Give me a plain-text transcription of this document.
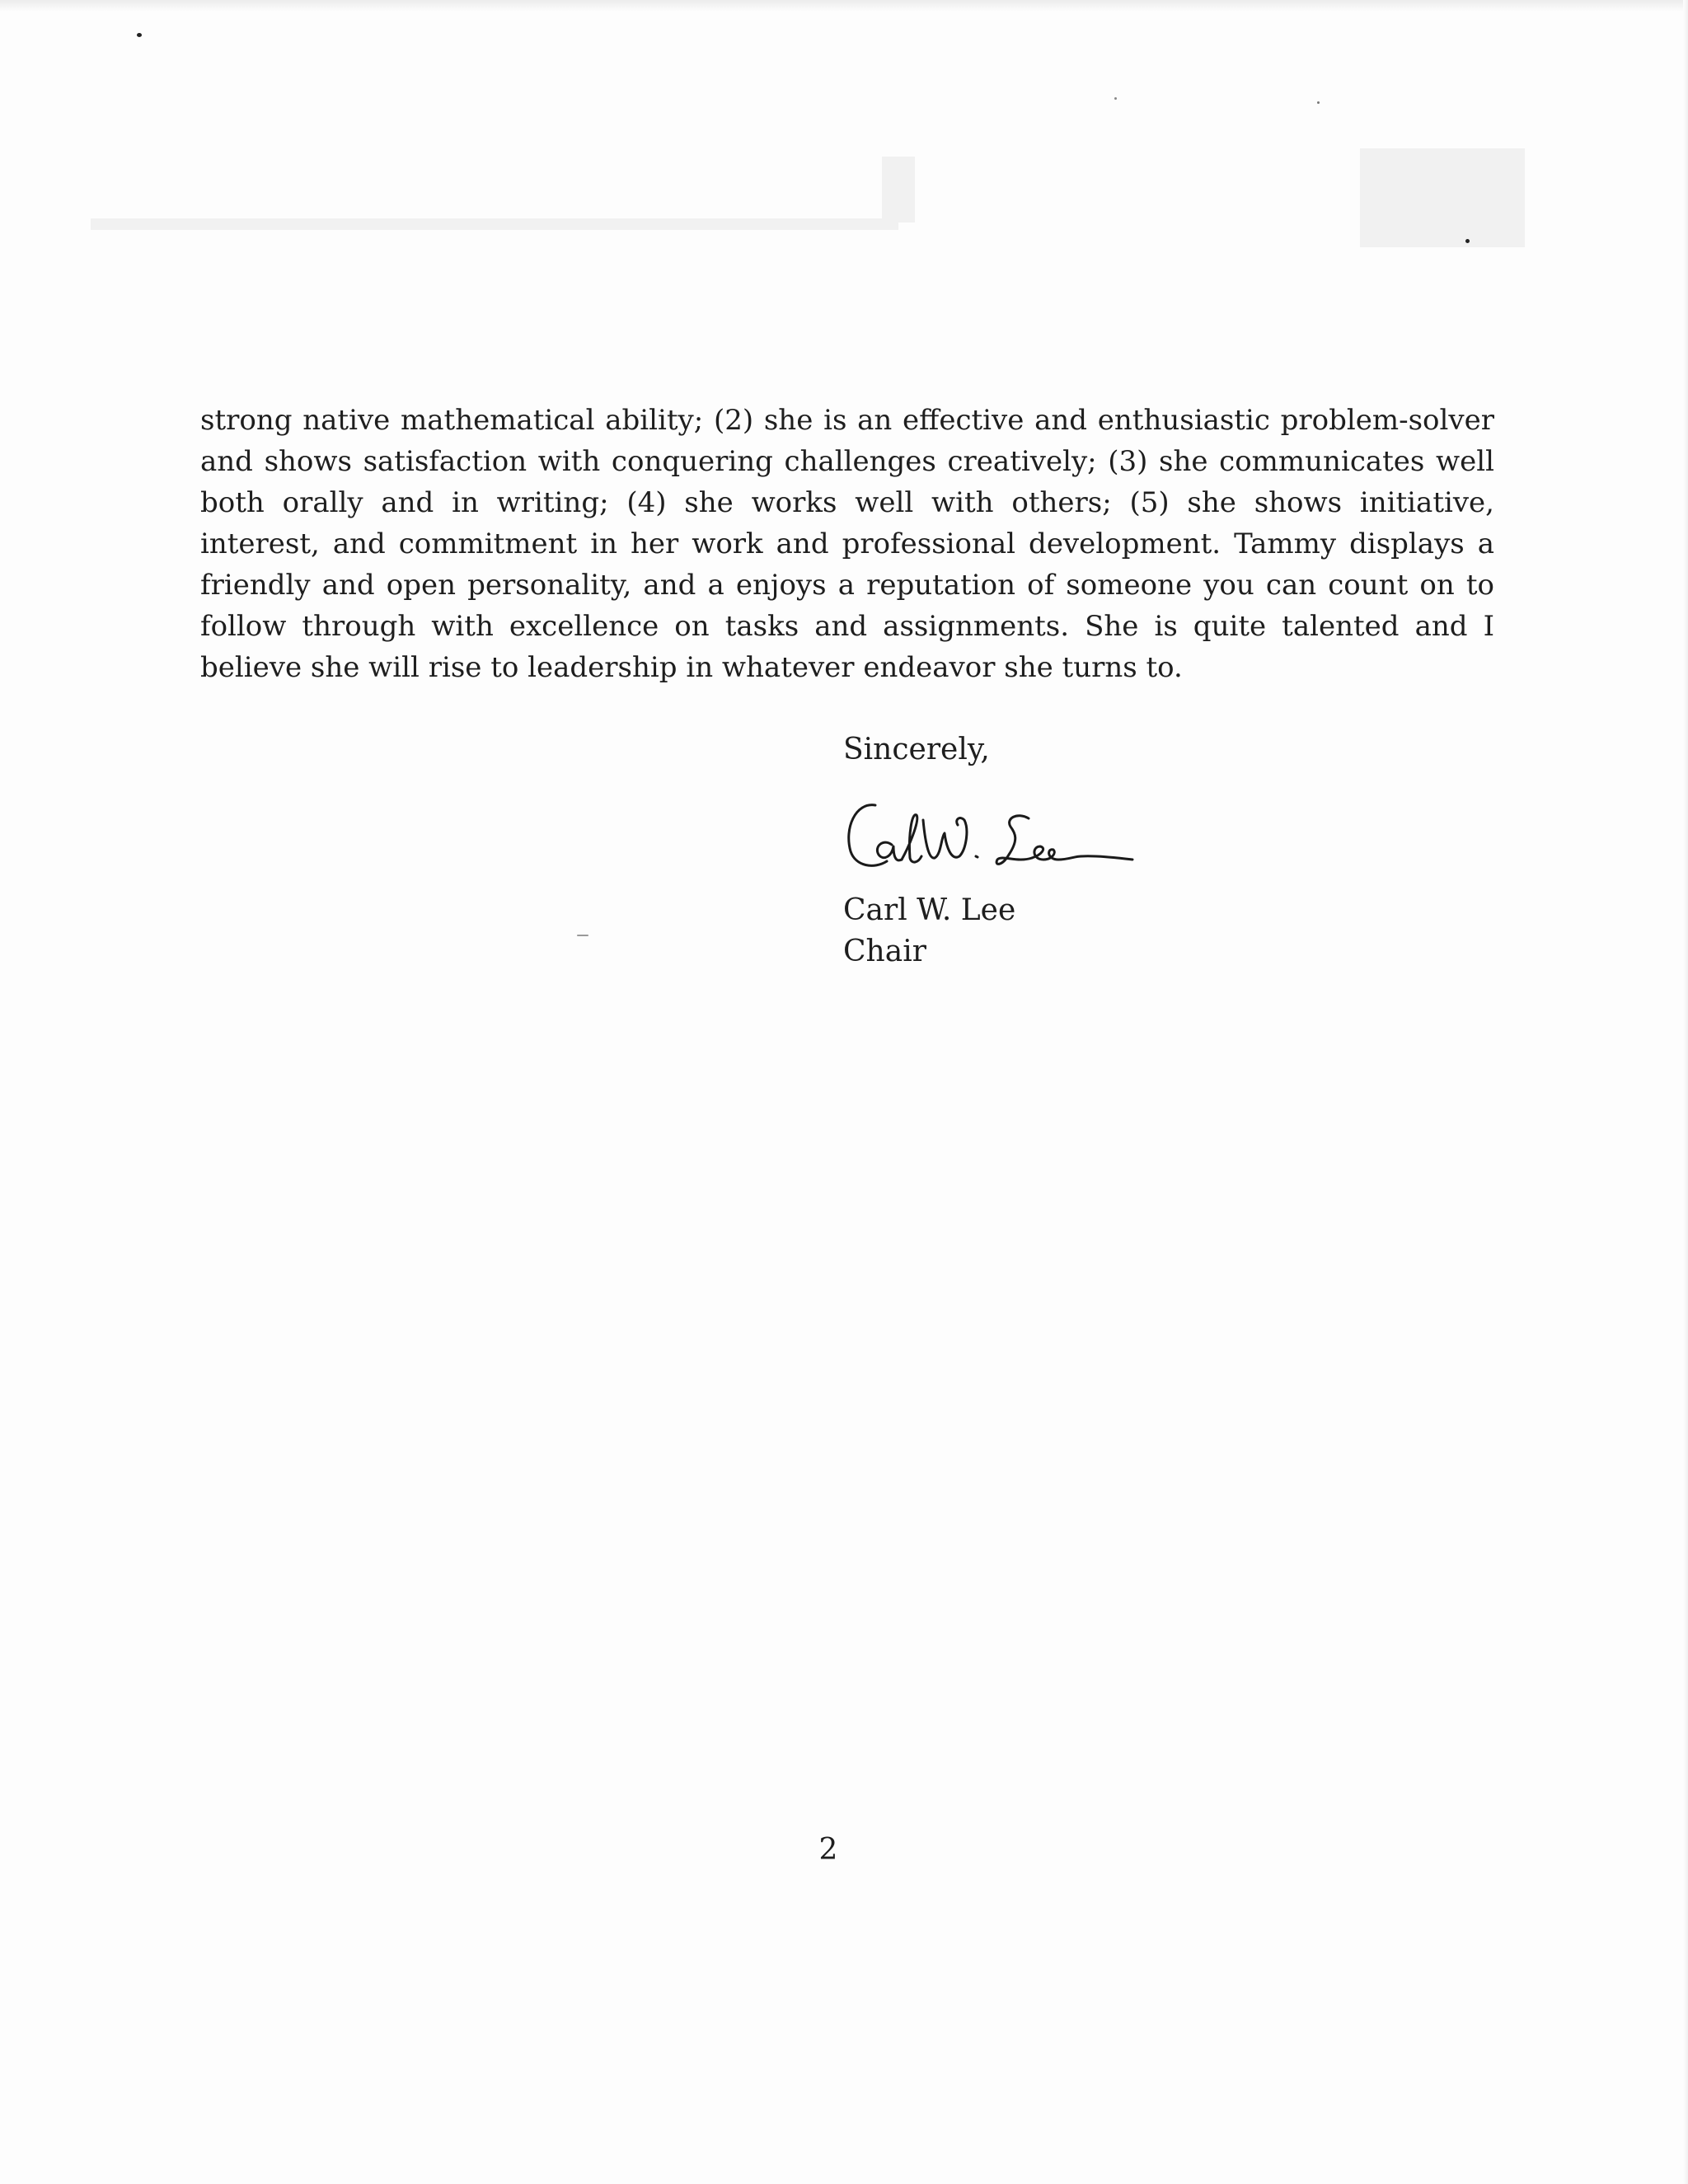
strong native mathematical ability; (2) she is an effective and enthusiastic problem-solver and shows satisfaction with conquering challenges creatively; (3) she communicates well both orally and in writing; (4) she works well with others; (5) she shows initiative, interest, and commitment in her work and professional development. Tammy displays a friendly and open personality, and a enjoys a reputation of someone you can count on to follow through with excellence on tasks and assignments. She is quite talented and I believe she will rise to leadership in whatever endeavor she turns to.

Sincerely,
Carl W. Lee
Chair
2
